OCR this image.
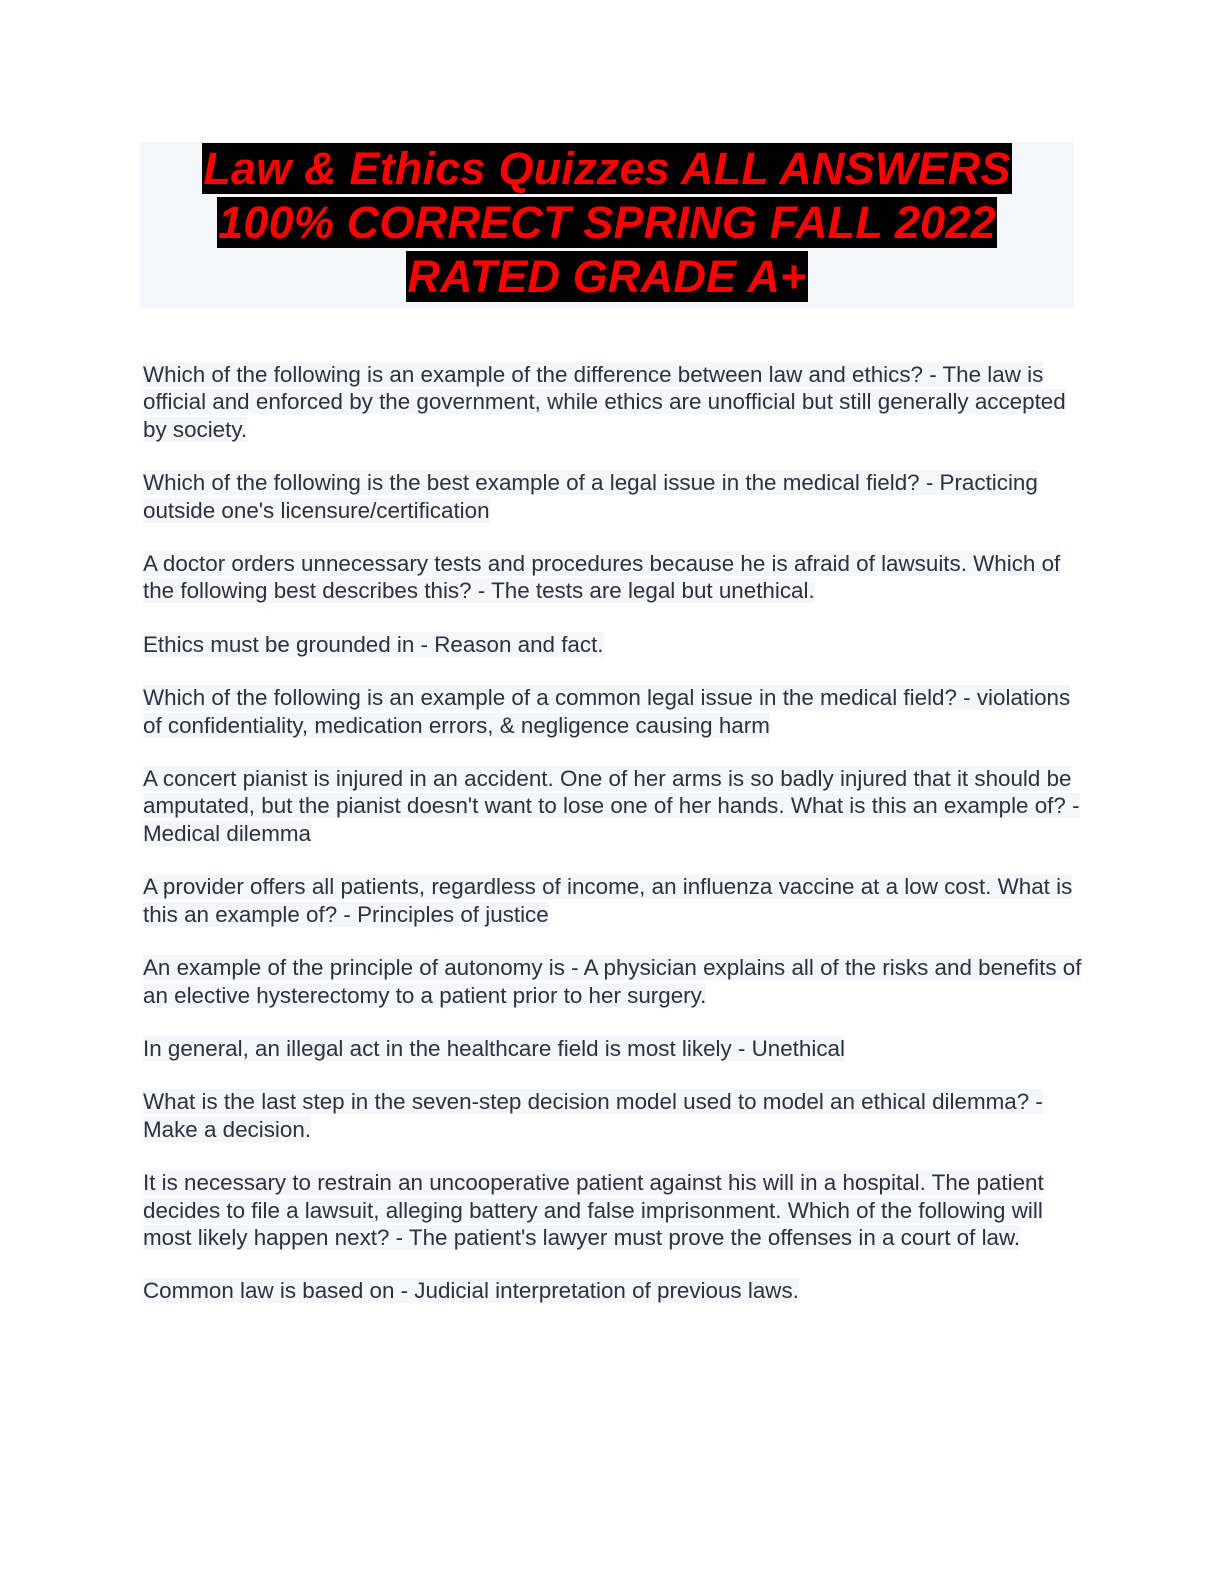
Law & Ethics Quizzes ALL ANSWERS
100% CORRECT SPRING FALL 2022
RATED GRADE A+

Which of the following is an example of the difference between law and ethics? - The law is official and enforced by the government, while ethics are unofficial but still generally accepted by society.

Which of the following is the best example of a legal issue in the medical field? - Practicing outside one's licensure/certification

A doctor orders unnecessary tests and procedures because he is afraid of lawsuits. Which of the following best describes this? - The tests are legal but unethical.

Ethics must be grounded in - Reason and fact.

Which of the following is an example of a common legal issue in the medical field? - violations of confidentiality, medication errors, & negligence causing harm

A concert pianist is injured in an accident. One of her arms is so badly injured that it should be amputated, but the pianist doesn't want to lose one of her hands. What is this an example of? - Medical dilemma

A provider offers all patients, regardless of income, an influenza vaccine at a low cost. What is this an example of? - Principles of justice

An example of the principle of autonomy is - A physician explains all of the risks and benefits of an elective hysterectomy to a patient prior to her surgery.

In general, an illegal act in the healthcare field is most likely - Unethical

What is the last step in the seven-step decision model used to model an ethical dilemma? - Make a decision.

It is necessary to restrain an uncooperative patient against his will in a hospital. The patient decides to file a lawsuit, alleging battery and false imprisonment. Which of the following will most likely happen next? - The patient's lawyer must prove the offenses in a court of law.

Common law is based on - Judicial interpretation of previous laws.
